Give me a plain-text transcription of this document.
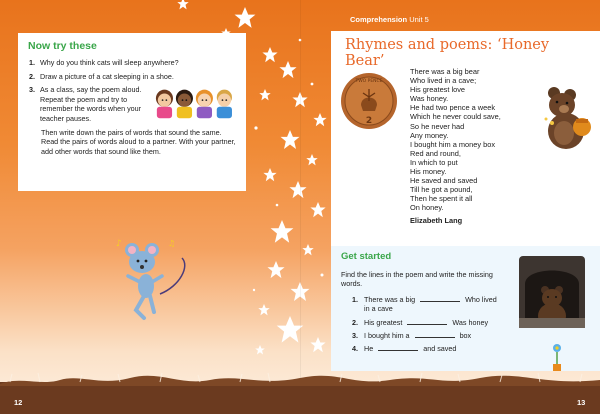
Now try these
1. Why do you think cats will sleep anywhere?
2. Draw a picture of a cat sleeping in a shoe.
3. As a class, say the poem aloud. Repeat the poem and try to remember the words when your teacher pauses.
Then write down the pairs of words that sound the same. Read the pairs of words aloud to a partner. With your partner, add other words that sound like them.
♪	♫
Comprehension Unit 5
Rhymes and poems: ‘Honey Bear’
2
TWO PENCE
There was a big bear
Who lived in a cave;
His greatest love
Was honey.
He had two pence a week
Which he never could save,
So he never had
Any money.
I bought him a money box
Red and round,
In which to put
His money.
He saved and saved
Till he got a pound,
Then he spent it all
On honey.
Elizabeth Lang
Get started
Find the lines in the poem and write the missing words.
1. There was a big	Who lived in a cave
2. His greatest	Was honey
3. I bought him a	box
4. He	and saved
12	13
